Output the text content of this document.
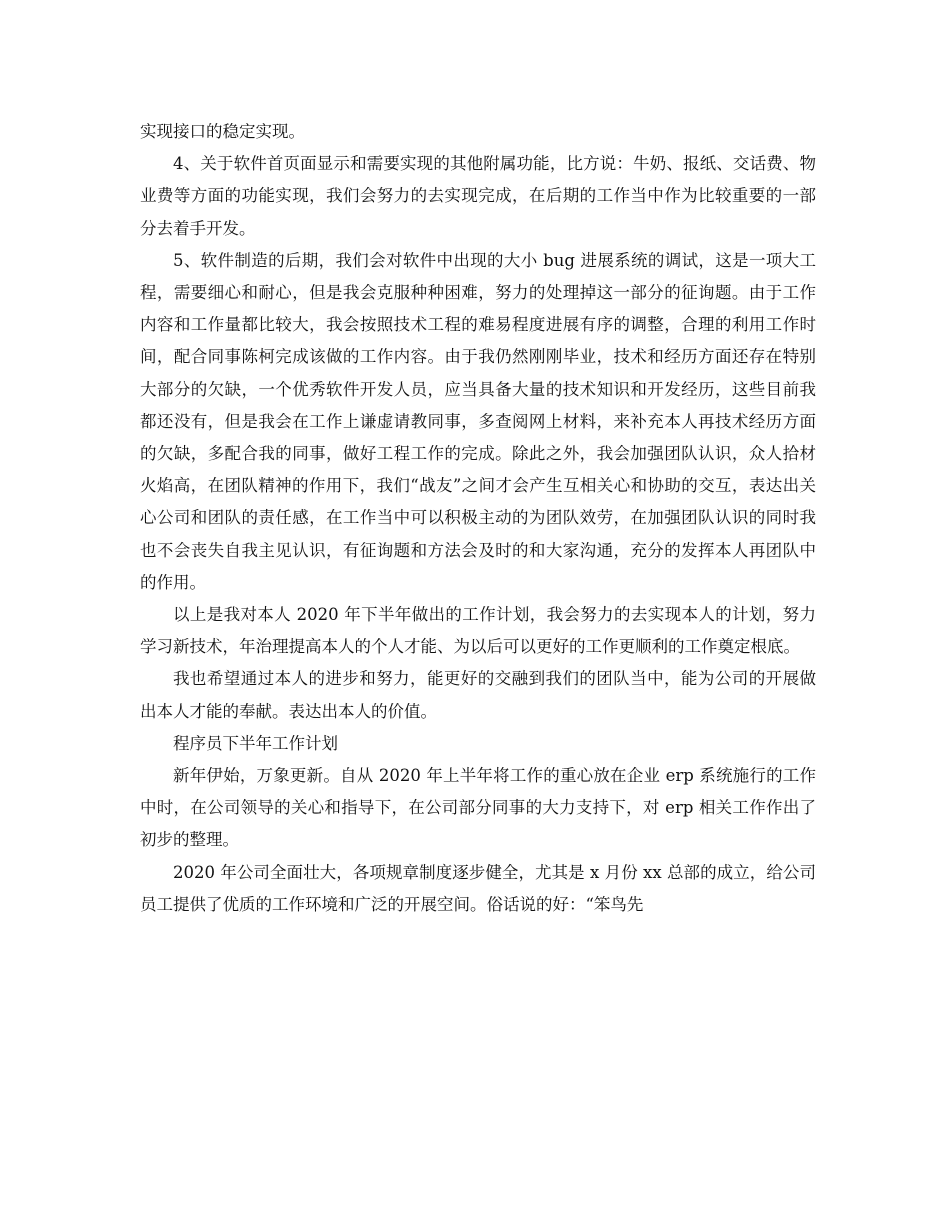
实现接口的稳定实现。

4、关于软件首页面显示和需要实现的其他附属功能，比方说：牛奶、报纸、交话费、物业费等方面的功能实现，我们会努力的去实现完成，在后期的工作当中作为比较重要的一部分去着手开发。

5、软件制造的后期，我们会对软件中出现的大小 bug 进展系统的调试，这是一项大工程，需要细心和耐心，但是我会克服种种困难，努力的处理掉这一部分的征询题。由于工作内容和工作量都比较大，我会按照技术工程的难易程度进展有序的调整，合理的利用工作时间，配合同事陈柯完成该做的工作内容。由于我仍然刚刚毕业，技术和经历方面还存在特别大部分的欠缺，一个优秀软件开发人员，应当具备大量的技术知识和开发经历，这些目前我都还没有，但是我会在工作上谦虚请教同事，多查阅网上材料，来补充本人再技术经历方面的欠缺，多配合我的同事，做好工程工作的完成。除此之外，我会加强团队认识，众人拾材火焰高，在团队精神的作用下，我们“战友”之间才会产生互相关心和协助的交互，表达出关心公司和团队的责任感，在工作当中可以积极主动的为团队效劳，在加强团队认识的同时我也不会丧失自我主见认识，有征询题和方法会及时的和大家沟通，充分的发挥本人再团队中的作用。

以上是我对本人 2020 年下半年做出的工作计划，我会努力的去实现本人的计划，努力学习新技术，年治理提高本人的个人才能、为以后可以更好的工作更顺利的工作奠定根底。

我也希望通过本人的进步和努力，能更好的交融到我们的团队当中，能为公司的开展做出本人才能的奉献。表达出本人的价值。

程序员下半年工作计划

新年伊始，万象更新。自从 2020 年上半年将工作的重心放在企业 erp 系统施行的工作中时，在公司领导的关心和指导下，在公司部分同事的大力支持下，对 erp 相关工作作出了初步的整理。

2020 年公司全面壮大，各项规章制度逐步健全，尤其是 x 月份 xx 总部的成立，给公司员工提供了优质的工作环境和广泛的开展空间。俗话说的好：“笨鸟先
